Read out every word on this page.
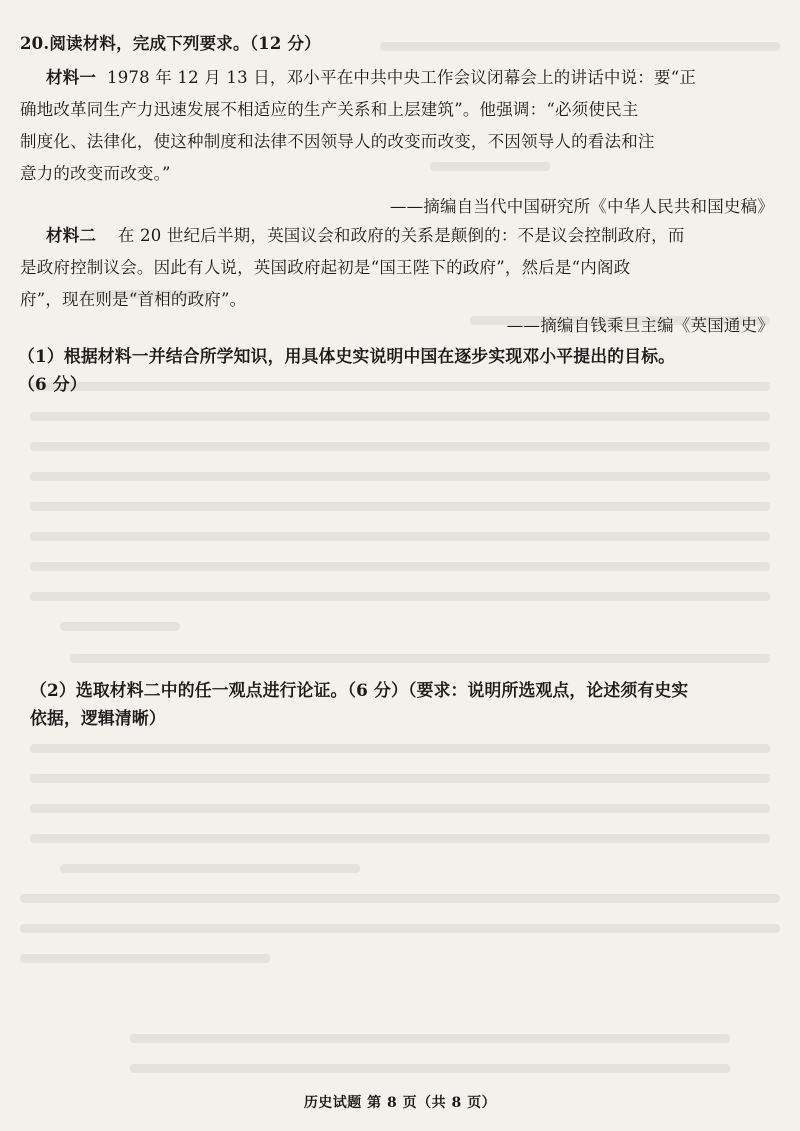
20.阅读材料，完成下列要求。（12 分）
材料一 1978 年 12 月 13 日，邓小平在中共中央工作会议闭幕会上的讲话中说：要“正
确地改革同生产力迅速发展不相适应的生产关系和上层建筑”。他强调：“必须使民主
制度化、法律化，使这种制度和法律不因领导人的改变而改变，不因领导人的看法和注
意力的改变而改变。”
——摘编自当代中国研究所《中华人民共和国史稿》
材料二 在 20 世纪后半期，英国议会和政府的关系是颠倒的：不是议会控制政府，而
是政府控制议会。因此有人说，英国政府起初是“国王陛下的政府”，然后是“内阁政
府”，现在则是“首相的政府”。
——摘编自钱乘旦主编《英国通史》
（1）根据材料一并结合所学知识，用具体史实说明中国在逐步实现邓小平提出的目标。
（6 分）
（2）选取材料二中的任一观点进行论证。（6 分）（要求：说明所选观点，论述须有史实
依据，逻辑清晰）
历史试题 第 8 页（共 8 页）
